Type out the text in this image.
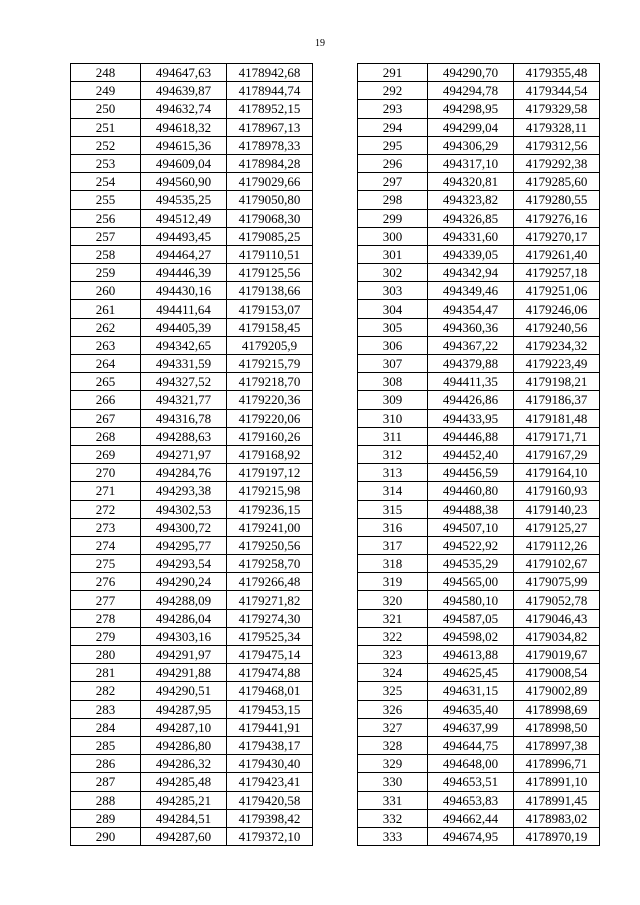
19
248	494647,63	4178942,68
249	494639,87	4178944,74
250	494632,74	4178952,15
251	494618,32	4178967,13
252	494615,36	4178978,33
253	494609,04	4178984,28
254	494560,90	4179029,66
255	494535,25	4179050,80
256	494512,49	4179068,30
257	494493,45	4179085,25
258	494464,27	4179110,51
259	494446,39	4179125,56
260	494430,16	4179138,66
261	494411,64	4179153,07
262	494405,39	4179158,45
263	494342,65	4179205,9
264	494331,59	4179215,79
265	494327,52	4179218,70
266	494321,77	4179220,36
267	494316,78	4179220,06
268	494288,63	4179160,26
269	494271,97	4179168,92
270	494284,76	4179197,12
271	494293,38	4179215,98
272	494302,53	4179236,15
273	494300,72	4179241,00
274	494295,77	4179250,56
275	494293,54	4179258,70
276	494290,24	4179266,48
277	494288,09	4179271,82
278	494286,04	4179274,30
279	494303,16	4179525,34
280	494291,97	4179475,14
281	494291,88	4179474,88
282	494290,51	4179468,01
283	494287,95	4179453,15
284	494287,10	4179441,91
285	494286,80	4179438,17
286	494286,32	4179430,40
287	494285,48	4179423,41
288	494285,21	4179420,58
289	494284,51	4179398,42
290	494287,60	4179372,10
291	494290,70	4179355,48
292	494294,78	4179344,54
293	494298,95	4179329,58
294	494299,04	4179328,11
295	494306,29	4179312,56
296	494317,10	4179292,38
297	494320,81	4179285,60
298	494323,82	4179280,55
299	494326,85	4179276,16
300	494331,60	4179270,17
301	494339,05	4179261,40
302	494342,94	4179257,18
303	494349,46	4179251,06
304	494354,47	4179246,06
305	494360,36	4179240,56
306	494367,22	4179234,32
307	494379,88	4179223,49
308	494411,35	4179198,21
309	494426,86	4179186,37
310	494433,95	4179181,48
311	494446,88	4179171,71
312	494452,40	4179167,29
313	494456,59	4179164,10
314	494460,80	4179160,93
315	494488,38	4179140,23
316	494507,10	4179125,27
317	494522,92	4179112,26
318	494535,29	4179102,67
319	494565,00	4179075,99
320	494580,10	4179052,78
321	494587,05	4179046,43
322	494598,02	4179034,82
323	494613,88	4179019,67
324	494625,45	4179008,54
325	494631,15	4179002,89
326	494635,40	4178998,69
327	494637,99	4178998,50
328	494644,75	4178997,38
329	494648,00	4178996,71
330	494653,51	4178991,10
331	494653,83	4178991,45
332	494662,44	4178983,02
333	494674,95	4178970,19
